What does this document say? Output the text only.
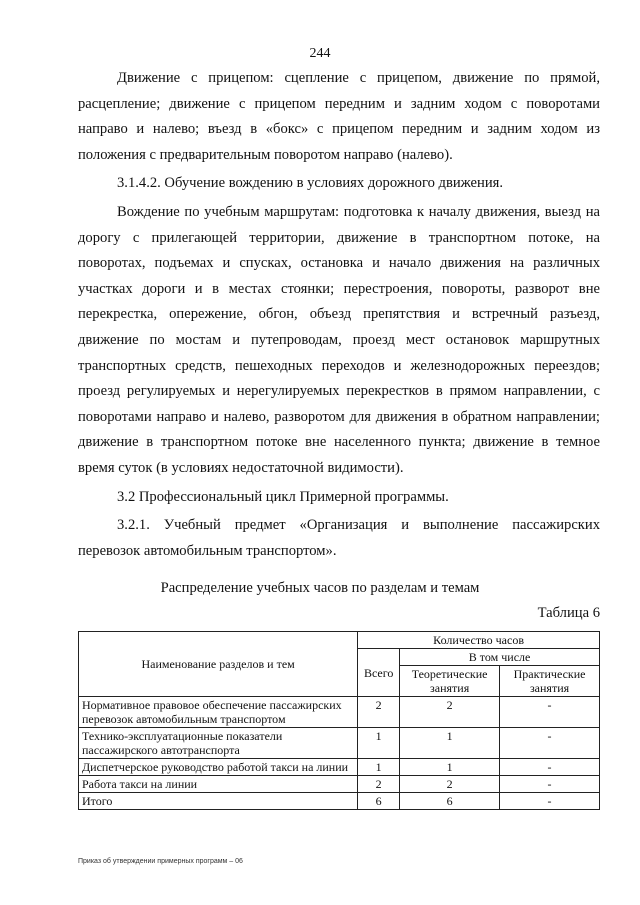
244

Движение с прицепом: сцепление с прицепом, движение по прямой, расцепление; движение с прицепом передним и задним ходом с поворотами направо и налево; въезд в «бокс» с прицепом передним и задним ходом из положения с предварительным поворотом направо (налево).

3.1.4.2. Обучение вождению в условиях дорожного движения.

Вождение по учебным маршрутам: подготовка к началу движения, выезд на дорогу с прилегающей территории, движение в транспортном потоке, на поворотах, подъемах и спусках, остановка и начало движения на различных участках дороги и в местах стоянки; перестроения, повороты, разворот вне перекрестка, опережение, обгон, объезд препятствия и встречный разъезд, движение по мостам и путепроводам, проезд мест остановок маршрутных транспортных средств, пешеходных переходов и железнодорожных переездов; проезд регулируемых и нерегулируемых перекрестков в прямом направлении, с поворотами направо и налево, разворотом для движения в обратном направлении; движение в транспортном потоке вне населенного пункта; движение в темное время суток (в условиях недостаточной видимости).

3.2 Профессиональный цикл Примерной программы.

3.2.1. Учебный предмет «Организация и выполнение пассажирских перевозок автомобильным транспортом».

Распределение учебных часов по разделам и темам
Таблица 6
Наименование разделов и тем	Количество часов		
	Всего	В том числе	
		Теоретические занятия	Практические занятия
Нормативное правовое обеспечение пассажирских перевозок автомобильным транспортом	2	2	-
Технико-эксплуатационные показатели пассажирского автотранспорта	1	1	-
Диспетчерское руководство работой такси на линии	1	1	-
Работа такси на линии	2	2	-
Итого	6	6	-
Приказ об утверждении примерных программ – 06
